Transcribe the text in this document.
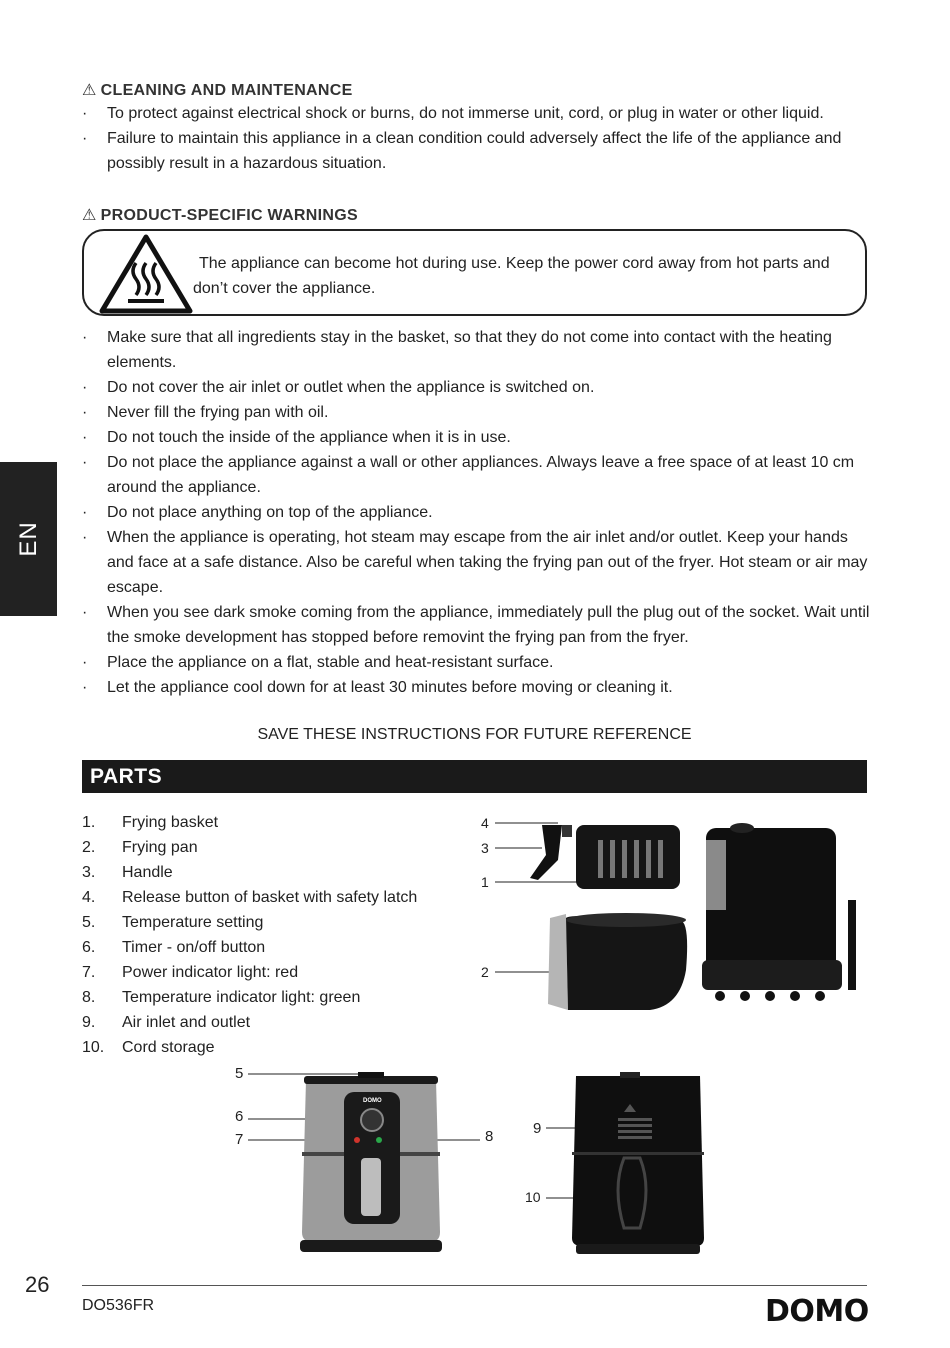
⚠ CLEANING AND MAINTENANCE
· To protect against electrical shock or burns, do not immerse unit, cord, or plug in water or other liquid.
· Failure to maintain this appliance in a clean condition could adversely affect the life of the appliance and possibly result in a hazardous situation.
⚠ PRODUCT-SPECIFIC WARNINGS
The appliance can become hot during use. Keep the power cord away from hot parts and don’t cover the appliance.
· Make sure that all ingredients stay in the basket, so that they do not come into contact with the heating elements.
· Do not cover the air inlet or outlet when the appliance is switched on.
· Never fill the frying pan with oil.
· Do not touch the inside of the appliance when it is in use.
· Do not place the appliance against a wall or other appliances. Always leave a free space of at least 10 cm around the appliance.
· Do not place anything on top of the appliance.
· When the appliance is operating, hot steam may escape from the air inlet and/or outlet. Keep your hands and face at a safe distance. Also be careful when taking the frying pan out of the fryer. Hot steam or air may escape.
· When you see dark smoke coming from the appliance, immediately pull the plug out of the socket. Wait until the smoke development has stopped before removint the frying pan from the fryer.
· Place the appliance on a flat, stable and heat-resistant surface.
· Let the appliance cool down for at least 30 minutes before moving or cleaning it.
EN
SAVE THESE INSTRUCTIONS FOR FUTURE REFERENCE
PARTS
1. Frying basket
2. Frying pan
3. Handle
4. Release button of basket with safety latch
5. Temperature setting
6. Timer - on/off button
7. Power indicator light: red
8. Temperature indicator light: green
9. Air inlet and outlet
10. Cord storage
4
3
1
2
DOMO
5
6
7	8	9
10
26
DO536FR	DOMO
